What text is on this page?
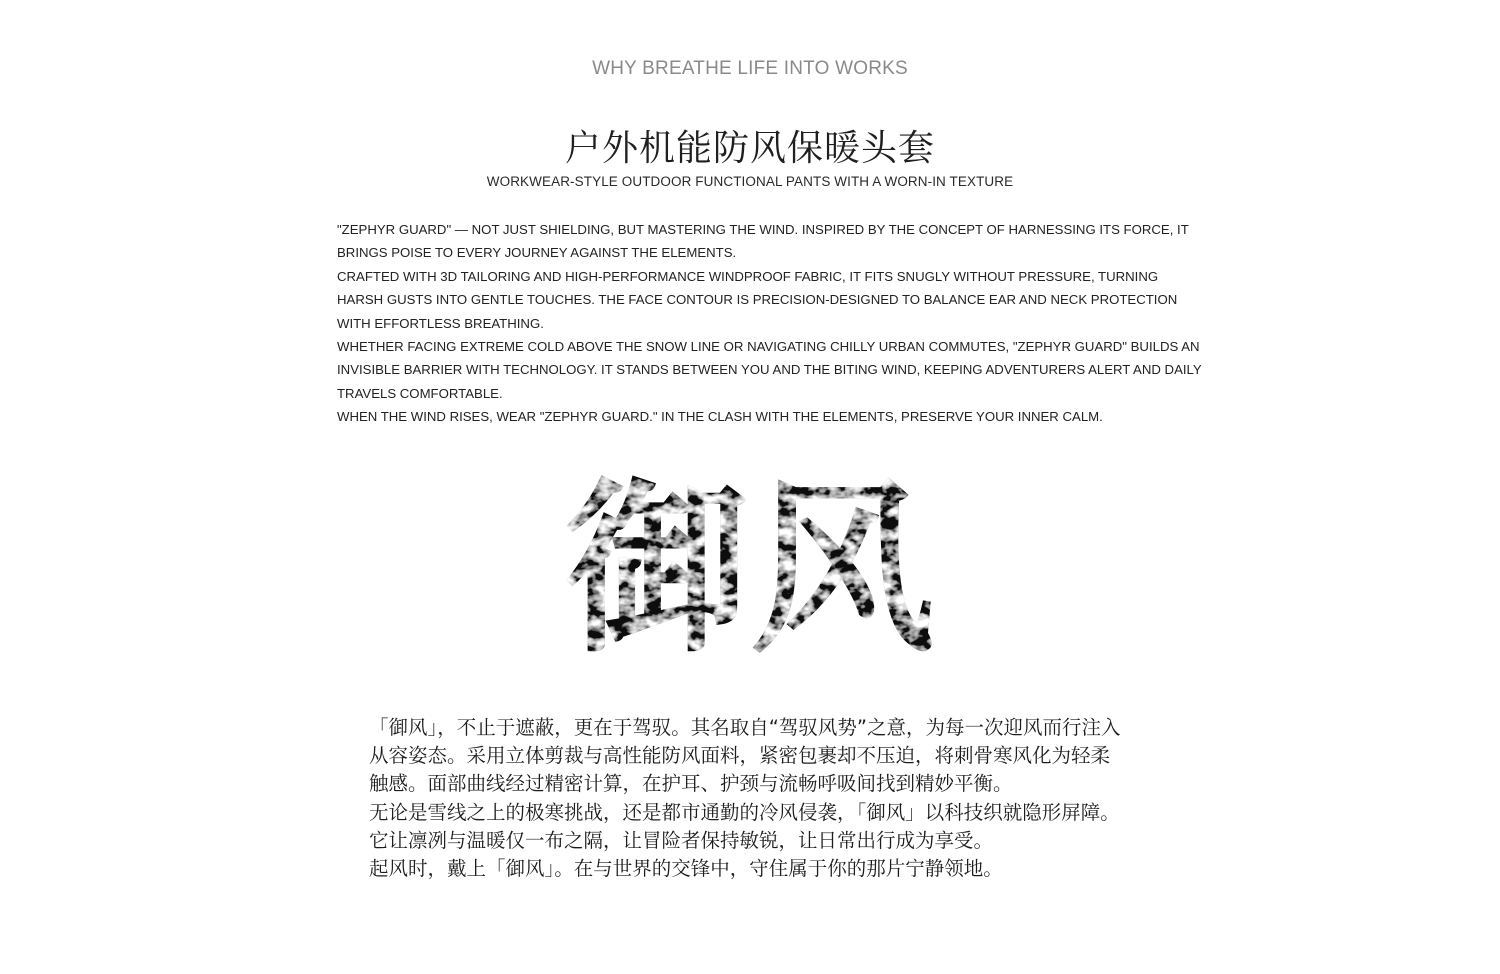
WHY BREATHE LIFE INTO WORKS
户外机能防风保暖头套
WORKWEAR-STYLE OUTDOOR FUNCTIONAL PANTS WITH A WORN-IN TEXTURE

"ZEPHYR GUARD" — NOT JUST SHIELDING, BUT MASTERING THE WIND. INSPIRED BY THE CONCEPT OF HARNESSING ITS FORCE, IT BRINGS POISE TO EVERY JOURNEY AGAINST THE ELEMENTS.

CRAFTED WITH 3D TAILORING AND HIGH-PERFORMANCE WINDPROOF FABRIC, IT FITS SNUGLY WITHOUT PRESSURE, TURNING HARSH GUSTS INTO GENTLE TOUCHES. THE FACE CONTOUR IS PRECISION-DESIGNED TO BALANCE EAR AND NECK PROTECTION WITH EFFORTLESS BREATHING.

WHETHER FACING EXTREME COLD ABOVE THE SNOW LINE OR NAVIGATING CHILLY URBAN COMMUTES, "ZEPHYR GUARD" BUILDS AN INVISIBLE BARRIER WITH TECHNOLOGY. IT STANDS BETWEEN YOU AND THE BITING WIND, KEEPING ADVENTURERS ALERT AND DAILY TRAVELS COMFORTABLE.

WHEN THE WIND RISES, WEAR "ZEPHYR GUARD." IN THE CLASH WITH THE ELEMENTS, PRESERVE YOUR INNER CALM.

御风

「御风」，不止于遮蔽，更在于驾驭。其名取自“驾驭风势”之意，为每一次迎风而行注入从容姿态。采用立体剪裁与高性能防风面料，紧密包裹却不压迫，将刺骨寒风化为轻柔触感。面部曲线经过精密计算，在护耳、护颈与流畅呼吸间找到精妙平衡。

无论是雪线之上的极寒挑战，还是都市通勤的冷风侵袭，「御风」以科技织就隐形屏障。它让凛冽与温暖仅一布之隔，让冒险者保持敏锐，让日常出行成为享受。

起风时，戴上「御风」。在与世界的交锋中，守住属于你的那片宁静领地。
